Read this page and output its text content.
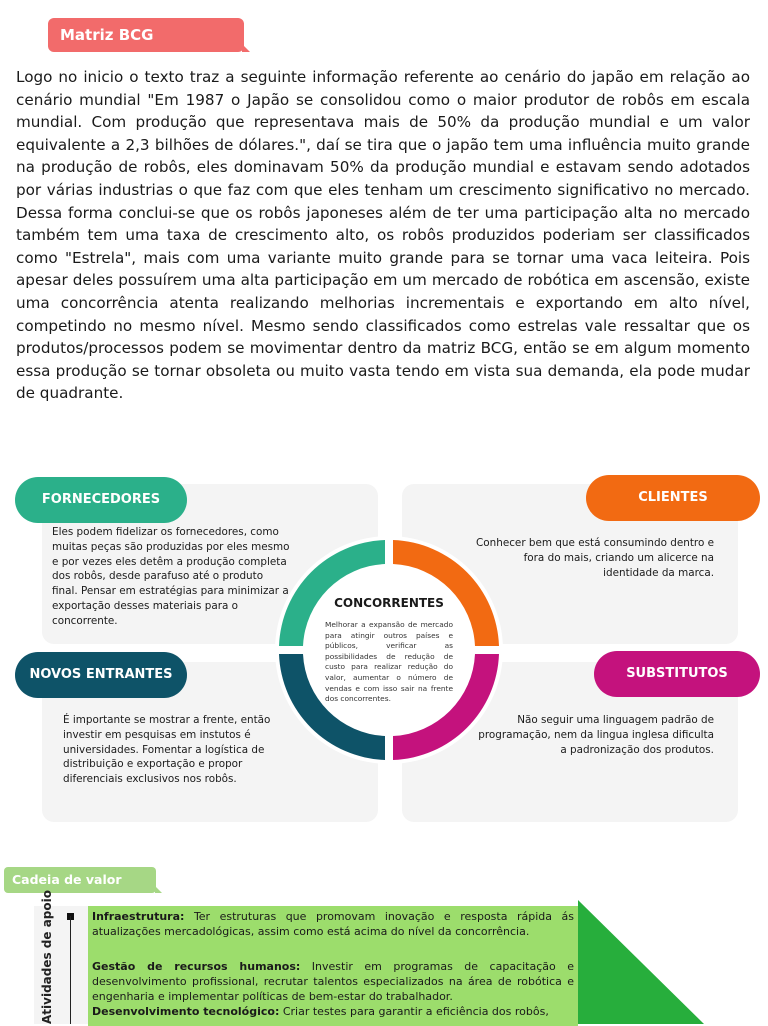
Matriz BCG

Logo no inicio o texto traz a seguinte informação referente ao cenário do japão em relação ao cenário mundial "Em 1987 o Japão se consolidou como o maior produtor de robôs em escala mundial. Com produção que representava mais de 50% da produção mundial e um valor equivalente a 2,3 bilhões de dólares.", daí se tira que o japão tem uma influência muito grande na produção de robôs, eles dominavam 50% da produção mundial e estavam sendo adotados por várias industrias o que faz com que eles tenham um crescimento significativo no mercado. Dessa forma conclui-se que os robôs japoneses além de ter uma participação alta no mercado também tem uma taxa de crescimento alto, os robôs produzidos poderiam ser classificados como "Estrela", mais com uma variante muito grande para se tornar uma vaca leiteira. Pois apesar deles possuírem uma alta participação em um mercado de robótica em ascensão, existe uma concorrência atenta realizando melhorias incrementais e exportando em alto nível, competindo no mesmo nível. Mesmo sendo classificados como estrelas vale ressaltar que os produtos/processos podem se movimentar dentro da matriz BCG, então se em algum momento essa produção se tornar obsoleta ou muito vasta tendo em vista sua demanda, ela pode mudar de quadrante.

FORNECEDORES	CLIENTES
NOVOS ENTRANTES	SUBSTITUTOS

Eles podem fidelizar os fornecedores, como muitas peças são produzidas por eles mesmo e por vezes eles detêm a produção completa dos robôs, desde parafuso até o produto final. Pensar em estratégias para minimizar a exportação desses materiais para o concorrente.

Conhecer bem que está consumindo dentro e fora do mais, criando um alicerce na identidade da marca.

É importante se mostrar a frente, então investir em pesquisas em instutos é universidades. Fomentar a logística de distribuição e exportação e propor diferenciais exclusivos nos robôs.

Não seguir uma linguagem padrão de programação, nem da lingua inglesa dificulta a padronização dos produtos.

CONCORRENTES

Melhorar a expansão de mercado para atingir outros países e públicos, verificar as possibilidades de redução de custo para realizar redução do valor, aumentar o número de vendas e com isso sair na frente dos concorrentes.

Cadeia de valor
Atividades de apoio	Infraestrutura: Ter estruturas que promovam inovação e resposta rápida ás atualizações mercadológicas, assim como está acima do nível da concorrência.

Gestão de recursos humanos: Investir em programas de capacitação e desenvolvimento profissional, recrutar talentos especializados na área de robótica e engenharia e implementar políticas de bem-estar do trabalhador.

Desenvolvimento tecnológico: Criar testes para garantir a eficiência dos robôs,
